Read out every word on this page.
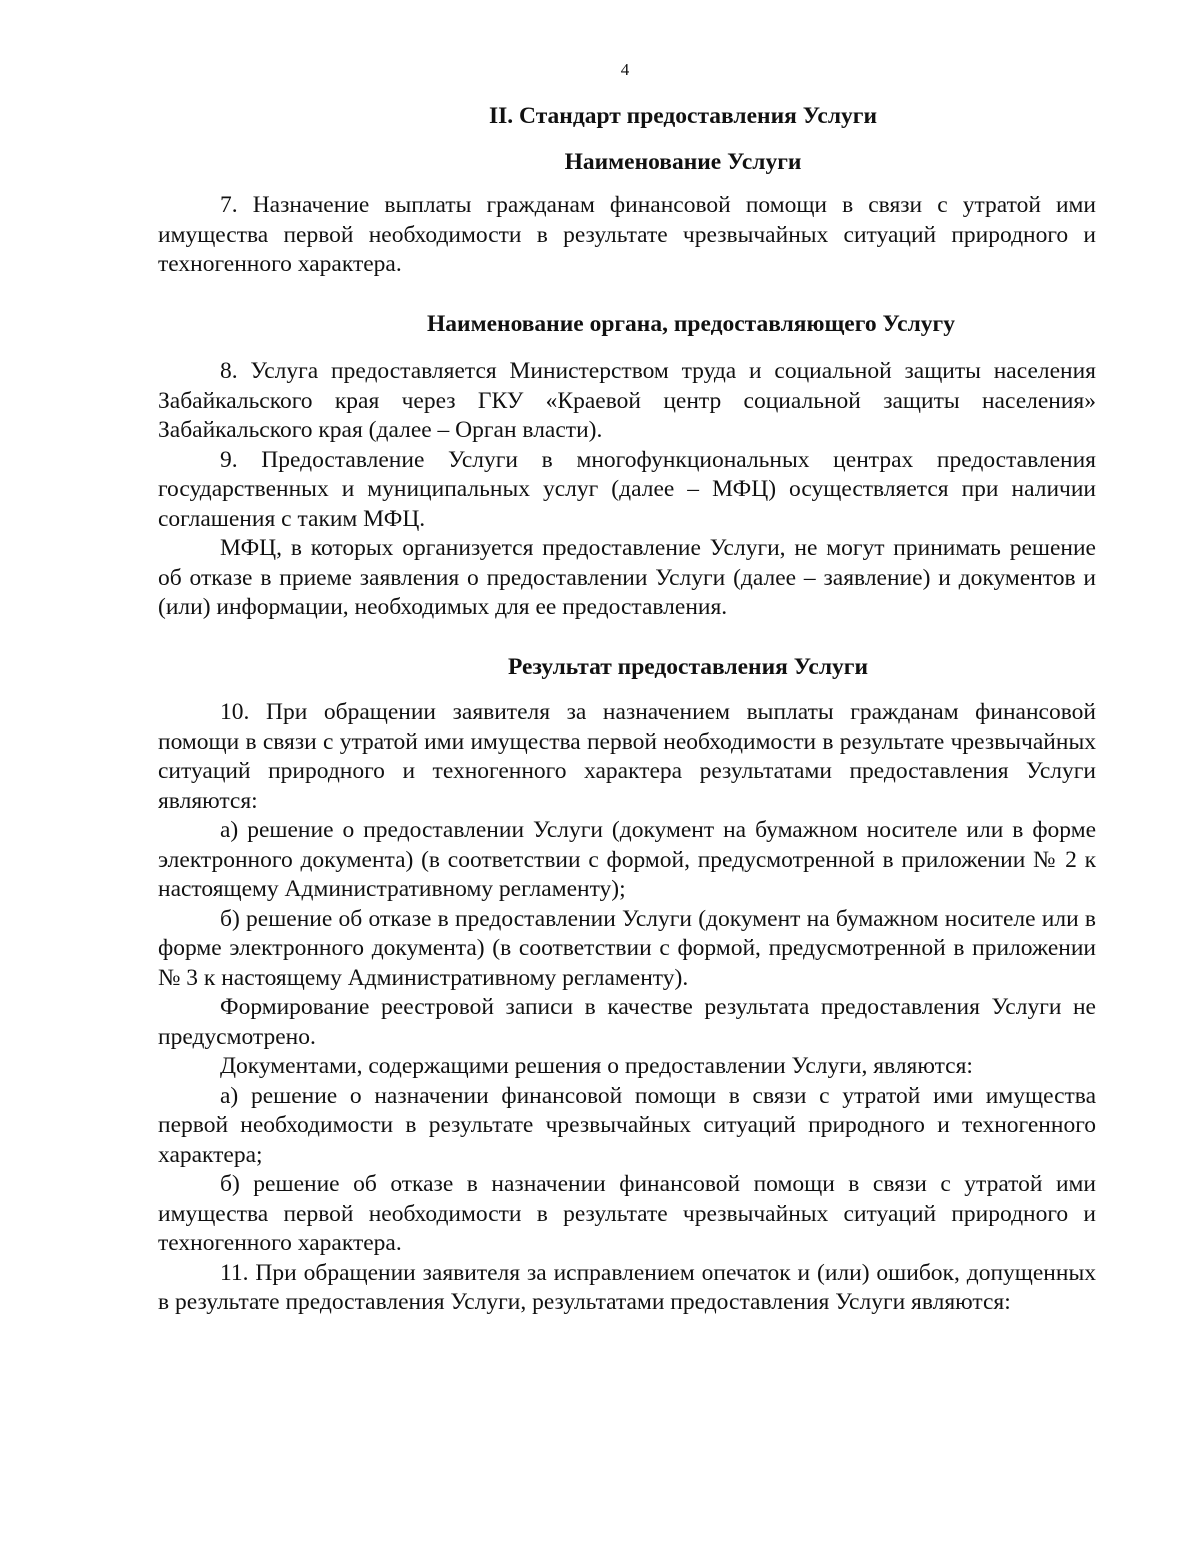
4
II. Стандарт предоставления Услуги
Наименование Услуги

7. Назначение выплаты гражданам финансовой помощи в связи с утратой ими имущества первой необходимости в результате чрезвычайных ситуаций природного и техногенного характера.

Наименование органа, предоставляющего Услугу

8. Услуга предоставляется Министерством труда и социальной защиты населения Забайкальского края через ГКУ «Краевой центр социальной защиты населения» Забайкальского края (далее – Орган власти).

9. Предоставление Услуги в многофункциональных центрах предоставления государственных и муниципальных услуг (далее – МФЦ) осуществляется при наличии соглашения с таким МФЦ.

МФЦ, в которых организуется предоставление Услуги, не могут принимать решение об отказе в приеме заявления о предоставлении Услуги (далее – заявление) и документов и (или) информации, необходимых для ее предоставления.

Результат предоставления Услуги

10. При обращении заявителя за назначением выплаты гражданам финансовой помощи в связи с утратой ими имущества первой необходимости в результате чрезвычайных ситуаций природного и техногенного характера результатами предоставления Услуги являются:

а) решение о предоставлении Услуги (документ на бумажном носителе или в форме электронного документа) (в соответствии с формой, предусмотренной в приложении № 2 к настоящему Административному регламенту);

б) решение об отказе в предоставлении Услуги (документ на бумажном носителе или в форме электронного документа) (в соответствии с формой, предусмотренной в приложении № 3 к настоящему Административному регламенту).

Формирование реестровой записи в качестве результата предоставления Услуги не предусмотрено.

Документами, содержащими решения о предоставлении Услуги, являются:

а) решение о назначении финансовой помощи в связи с утратой ими имущества первой необходимости в результате чрезвычайных ситуаций природного и техногенного характера;

б) решение об отказе в назначении финансовой помощи в связи с утратой ими имущества первой необходимости в результате чрезвычайных ситуаций природного и техногенного характера.

11. При обращении заявителя за исправлением опечаток и (или) ошибок, допущенных в результате предоставления Услуги, результатами предоставления Услуги являются:
